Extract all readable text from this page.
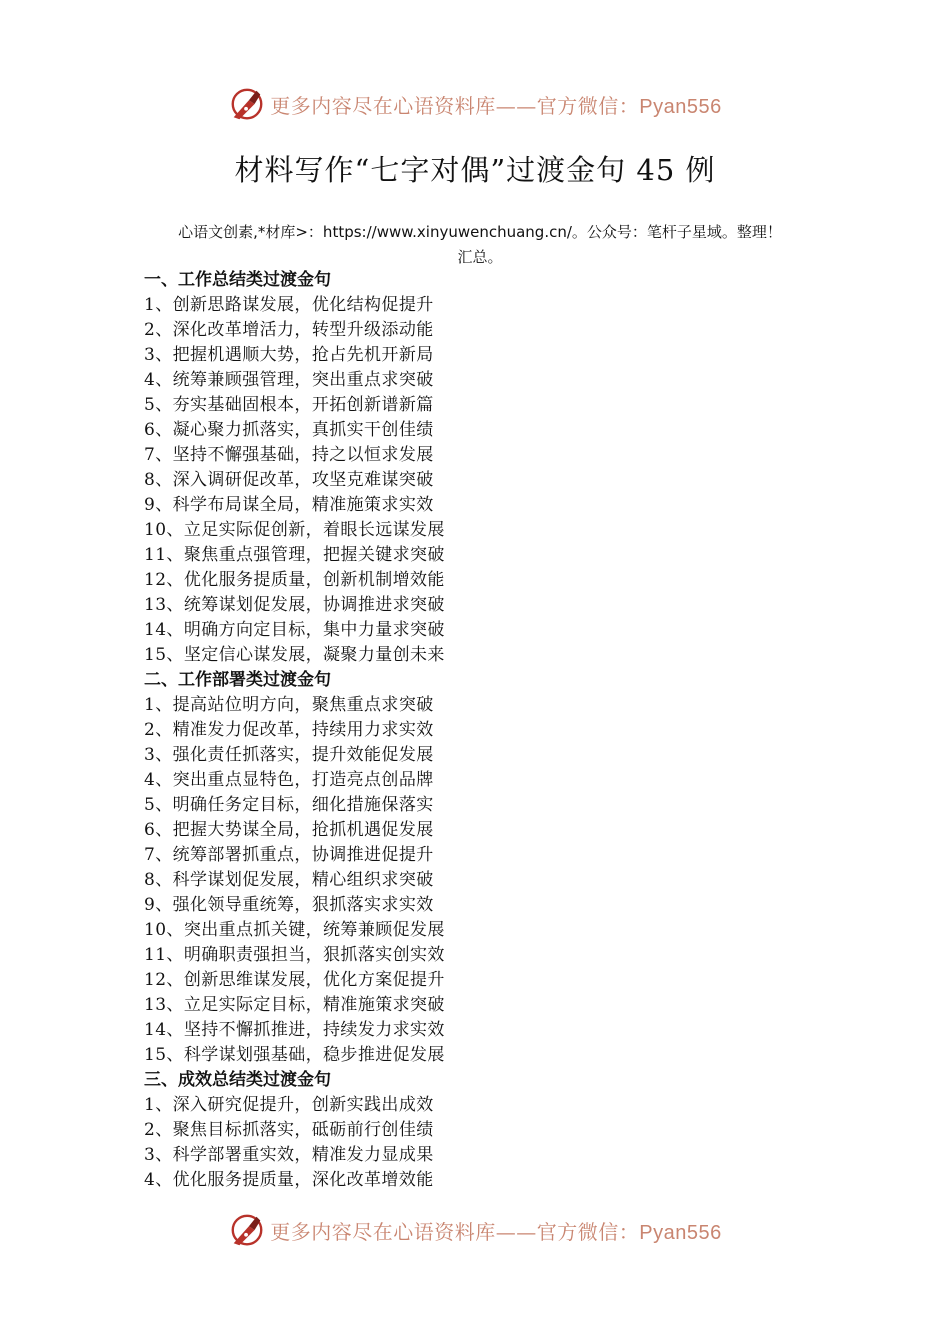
更多内容尽在心语资料库——官方微信：Pyan556
材料写作“七字对偶”过渡金句 45 例
心语文创素,*材库>：https://www.xinyuwenchuang.cn/。公众号：笔杆子星域。整理！
汇总。
一、工作总结类过渡金句
1、创新思路谋发展，优化结构促提升
2、深化改革增活力，转型升级添动能
3、把握机遇顺大势，抢占先机开新局
4、统筹兼顾强管理，突出重点求突破
5、夯实基础固根本，开拓创新谱新篇
6、凝心聚力抓落实，真抓实干创佳绩
7、坚持不懈强基础，持之以恒求发展
8、深入调研促改革，攻坚克难谋突破
9、科学布局谋全局，精准施策求实效
10、立足实际促创新，着眼长远谋发展
11、聚焦重点强管理，把握关键求突破
12、优化服务提质量，创新机制增效能
13、统筹谋划促发展，协调推进求突破
14、明确方向定目标，集中力量求突破
15、坚定信心谋发展，凝聚力量创未来
二、工作部署类过渡金句
1、提高站位明方向，聚焦重点求突破
2、精准发力促改革，持续用力求实效
3、强化责任抓落实，提升效能促发展
4、突出重点显特色，打造亮点创品牌
5、明确任务定目标，细化措施保落实
6、把握大势谋全局，抢抓机遇促发展
7、统筹部署抓重点，协调推进促提升
8、科学谋划促发展，精心组织求突破
9、强化领导重统筹，狠抓落实求实效
10、突出重点抓关键，统筹兼顾促发展
11、明确职责强担当，狠抓落实创实效
12、创新思维谋发展，优化方案促提升
13、立足实际定目标，精准施策求突破
14、坚持不懈抓推进，持续发力求实效
15、科学谋划强基础，稳步推进促发展
三、成效总结类过渡金句
1、深入研究促提升，创新实践出成效
2、聚焦目标抓落实，砥砺前行创佳绩
3、科学部署重实效，精准发力显成果
4、优化服务提质量，深化改革增效能
更多内容尽在心语资料库——官方微信：Pyan556
